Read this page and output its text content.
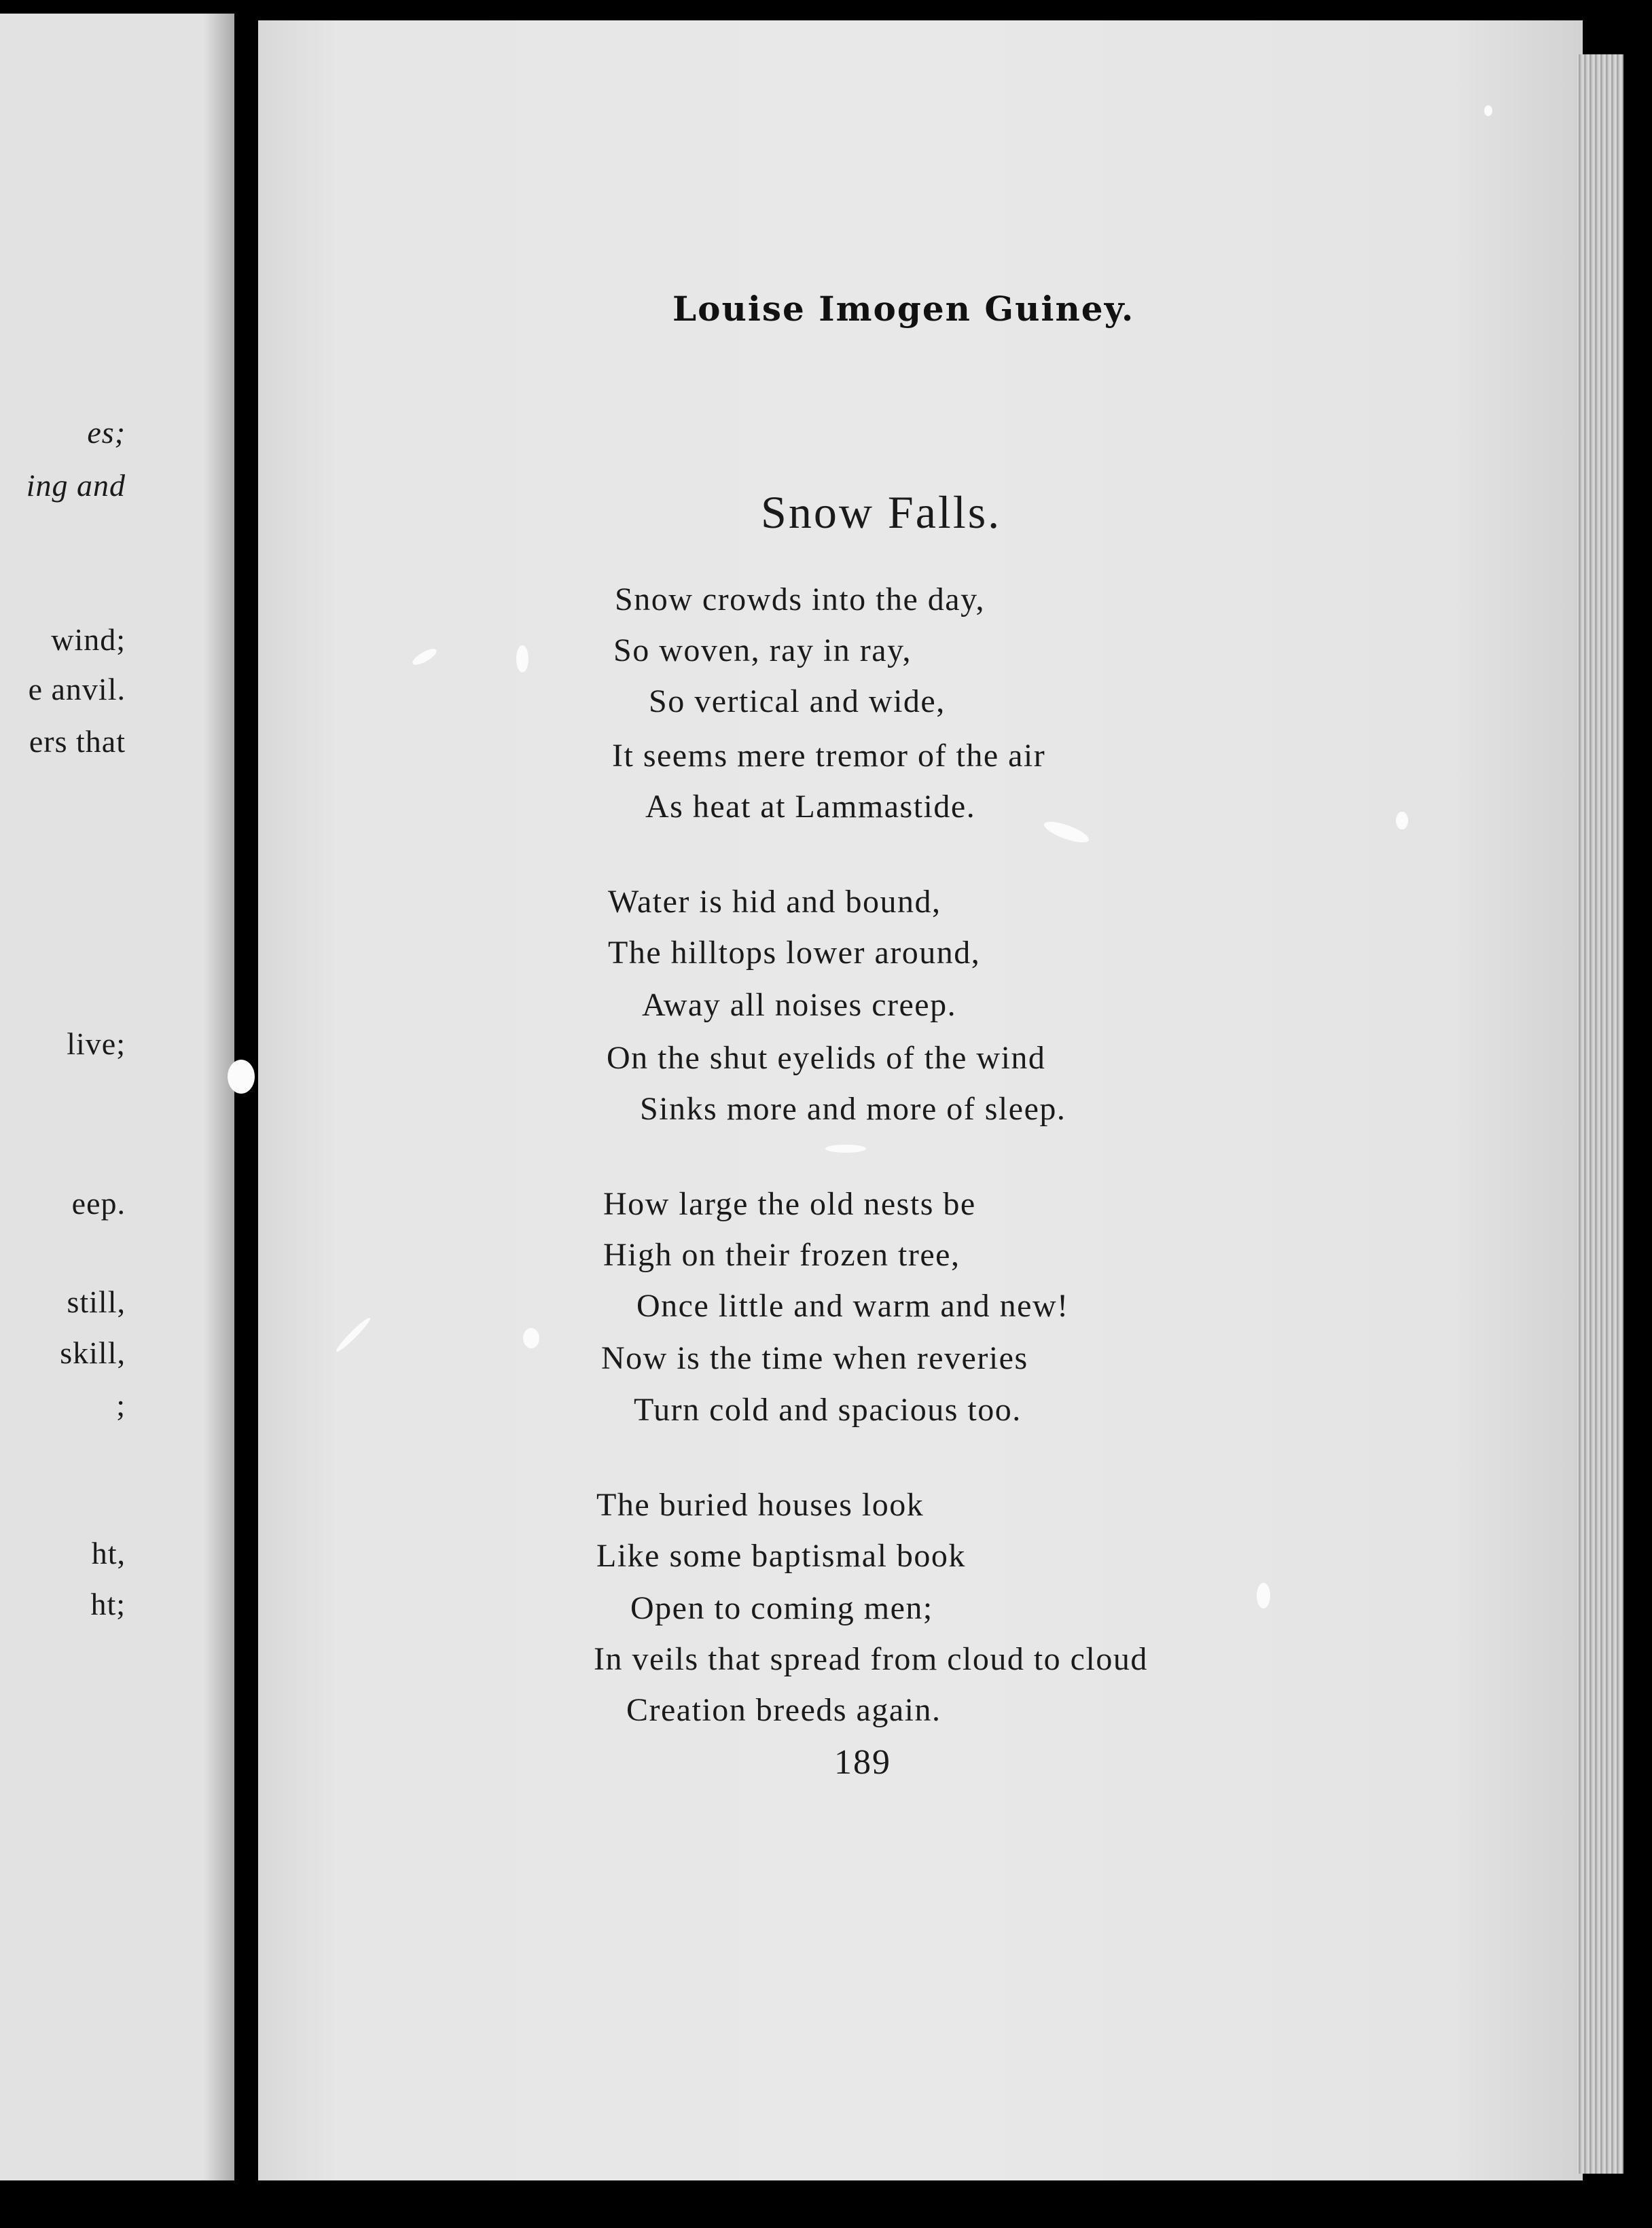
es;
ing and
wind;
e anvil.
ers that
live;
eep.
still,
skill,
;
ht,
ht;
Louise Imogen Guiney.
Snow Falls.
Snow crowds into the day,
So woven, ray in ray,
So vertical and wide,
It seems mere tremor of the air
As heat at Lammastide.
Water is hid and bound,
The hilltops lower around,
Away all noises creep.
On the shut eyelids of the wind
Sinks more and more of sleep.
How large the old nests be
High on their frozen tree,
Once little and warm and new!
Now is the time when reveries
Turn cold and spacious too.
The buried houses look
Like some baptismal book
Open to coming men;
In veils that spread from cloud to cloud
Creation breeds again.
189
